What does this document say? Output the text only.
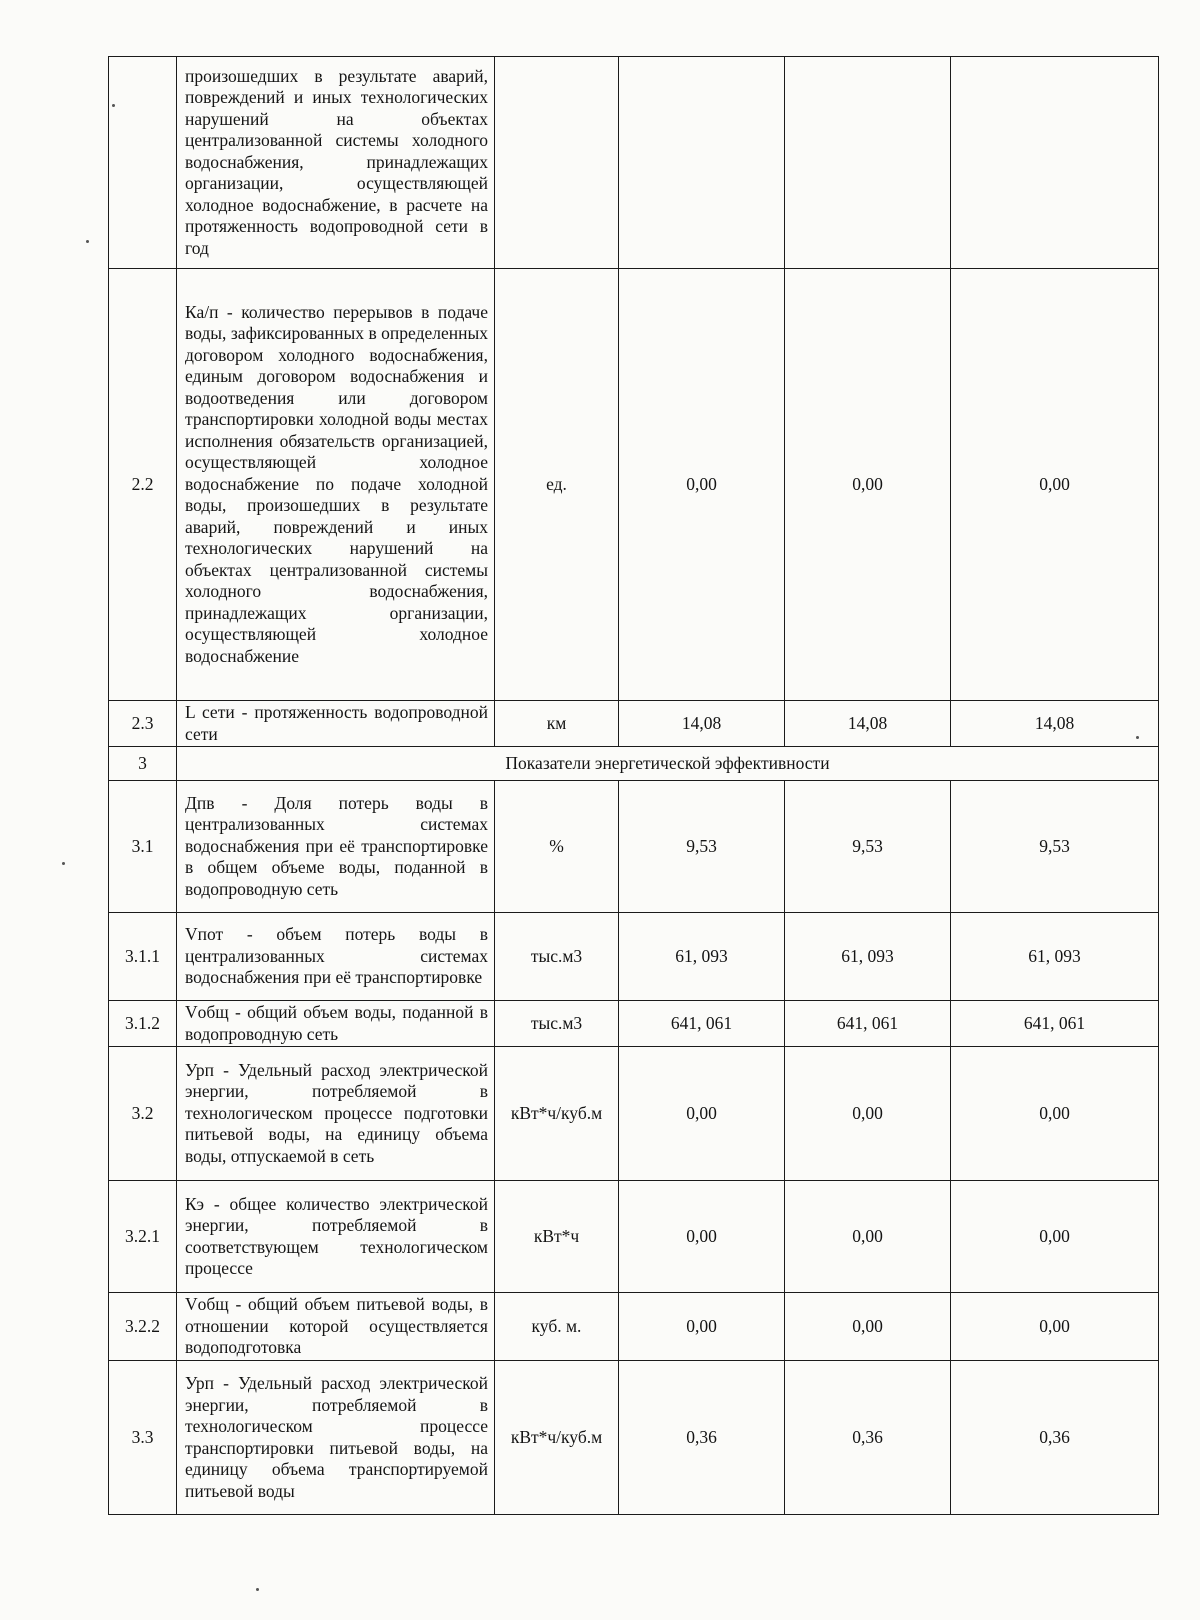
	произошедших в результате аварий, повреждений и иных технологических нарушений на объектах централизованной системы холодного водоснабжения, принадлежащих организации, осуществляющей холодное водоснабжение, в расчете на протяженность водопроводной сети в год				
2.2	Ка/п - количество перерывов в подаче воды, зафиксированных в определенных договором холодного водоснабжения, единым договором водоснабжения и водоотведения или договором транспортировки холодной воды местах исполнения обязательств организацией, осуществляющей холодное водоснабжение по подаче холодной воды, произошедших в результате аварий, повреждений и иных технологических нарушений на объектах централизованной системы холодного водоснабжения, принадлежащих организации, осуществляющей холодное водоснабжение	ед.	0,00	0,00	0,00
2.3	L сети - протяженность водопроводной сети	км	14,08	14,08	14,08
3	Показатели энергетической эффективности				
3.1	Дпв - Доля потерь воды в централизованных системах водоснабжения при её транспортировке в общем объеме воды, поданной в водопроводную сеть	%	9,53	9,53	9,53
3.1.1	Vпот - объем потерь воды в централизованных системах водоснабжения при её транспортировке	тыс.м3	61, 093	61, 093	61, 093
3.1.2	Vобщ - общий объем воды, поданной в водопроводную сеть	тыс.м3	641, 061	641, 061	641, 061
3.2	Урп - Удельный расход электрической энергии, потребляемой в технологическом процессе подготовки питьевой воды, на единицу объема воды, отпускаемой в сеть	кВт*ч/куб.м	0,00	0,00	0,00
3.2.1	Кэ - общее количество электрической энергии, потребляемой в соответствующем технологическом процессе	кВт*ч	0,00	0,00	0,00
3.2.2	Vобщ - общий объем питьевой воды, в отношении которой осуществляется водоподготовка	куб. м.	0,00	0,00	0,00
3.3	Урп - Удельный расход электрической энергии, потребляемой в технологическом процессе транспортировки питьевой воды, на единицу объема транспортируемой питьевой воды	кВт*ч/куб.м	0,36	0,36	0,36
